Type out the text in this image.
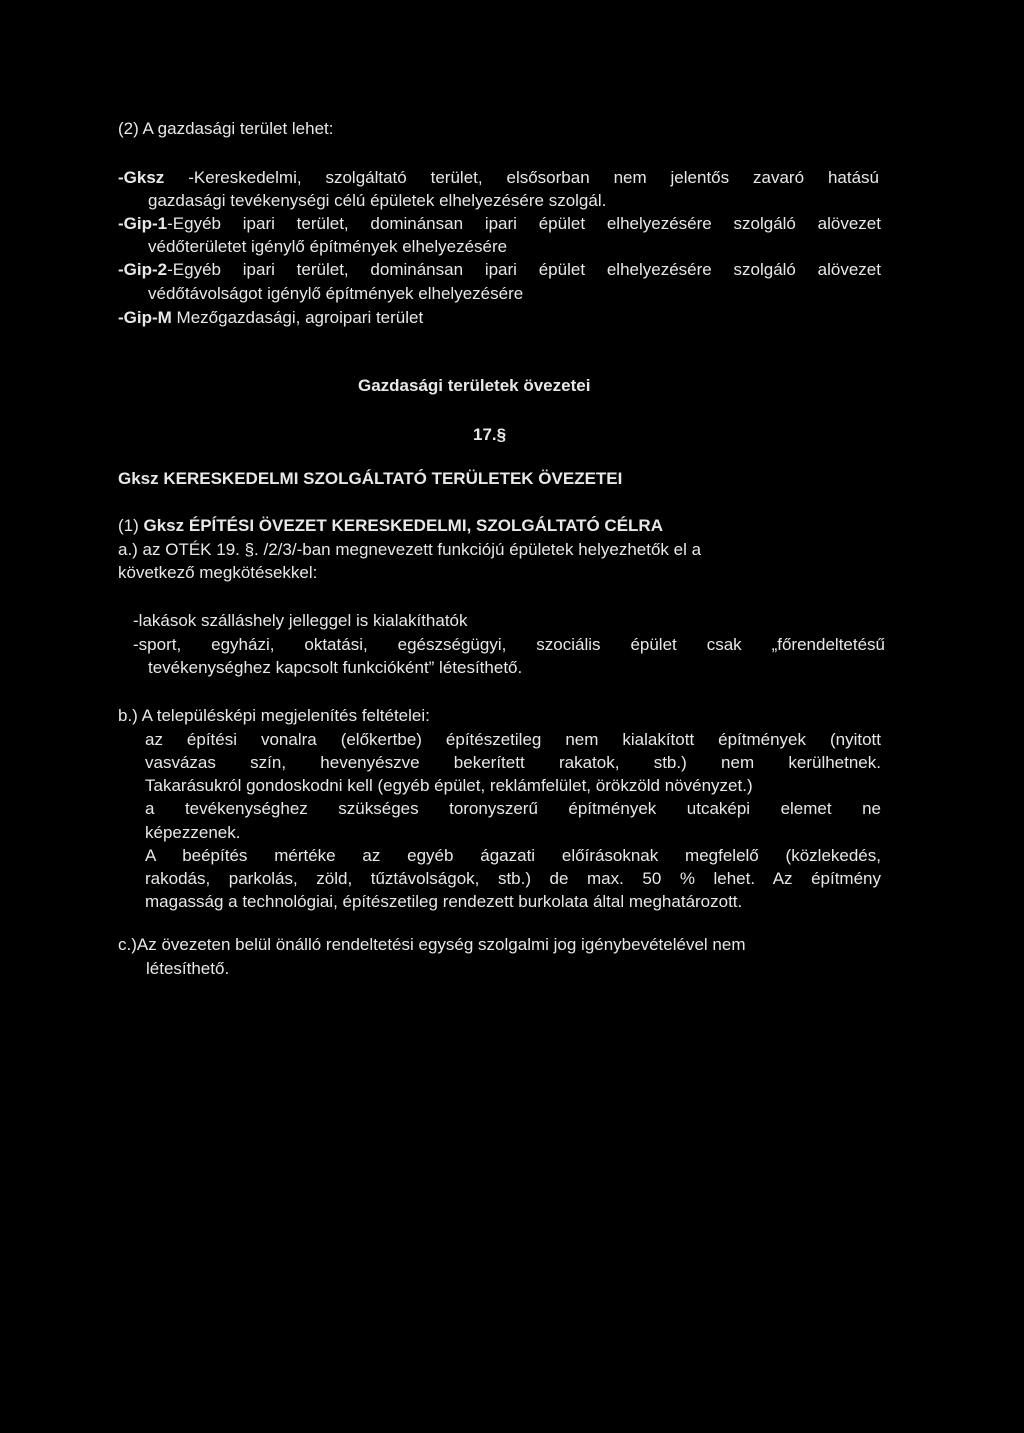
(2) A gazdasági terület lehet:
-Gksz -Kereskedelmi, szolgáltató terület, elsősorban nem jelentős zavaró hatású
gazdasági tevékenységi célú épületek elhelyezésére szolgál.
-Gip-1-Egyéb ipari terület, dominánsan ipari épület elhelyezésére szolgáló alövezet
védőterületet igénylő építmények elhelyezésére
-Gip-2-Egyéb ipari terület, dominánsan ipari épület elhelyezésére szolgáló alövezet
védőtávolságot igénylő építmények elhelyezésére
-Gip-M Mezőgazdasági, agroipari terület
Gazdasági területek övezetei
17.§
Gksz KERESKEDELMI SZOLGÁLTATÓ TERÜLETEK ÖVEZETEI
(1) Gksz ÉPÍTÉSI ÖVEZET KERESKEDELMI, SZOLGÁLTATÓ CÉLRA
a.) az OTÉK 19. §. /2/3/-ban megnevezett funkciójú épületek helyezhetők el a
következő megkötésekkel:
-lakások szálláshely jelleggel is kialakíthatók
-sport, egyházi, oktatási, egészségügyi, szociális épület csak „főrendeltetésű
tevékenységhez kapcsolt funkcióként” létesíthető.
b.) A településképi megjelenítés feltételei:
az építési vonalra (előkertbe) építészetileg nem kialakított építmények (nyitott
vasvázas szín, hevenyészve bekerített rakatok, stb.) nem kerülhetnek.
Takarásukról gondoskodni kell (egyéb épület, reklámfelület, örökzöld növényzet.)
a tevékenységhez szükséges toronyszerű építmények utcaképi elemet ne
képezzenek.
A beépítés mértéke az egyéb ágazati előírásoknak megfelelő (közlekedés,
rakodás, parkolás, zöld, tűztávolságok, stb.) de max. 50 % lehet. Az építmény
magasság a technológiai, építészetileg rendezett burkolata által meghatározott.
c.)Az övezeten belül önálló rendeltetési egység szolgalmi jog igénybevételével nem
létesíthető.
